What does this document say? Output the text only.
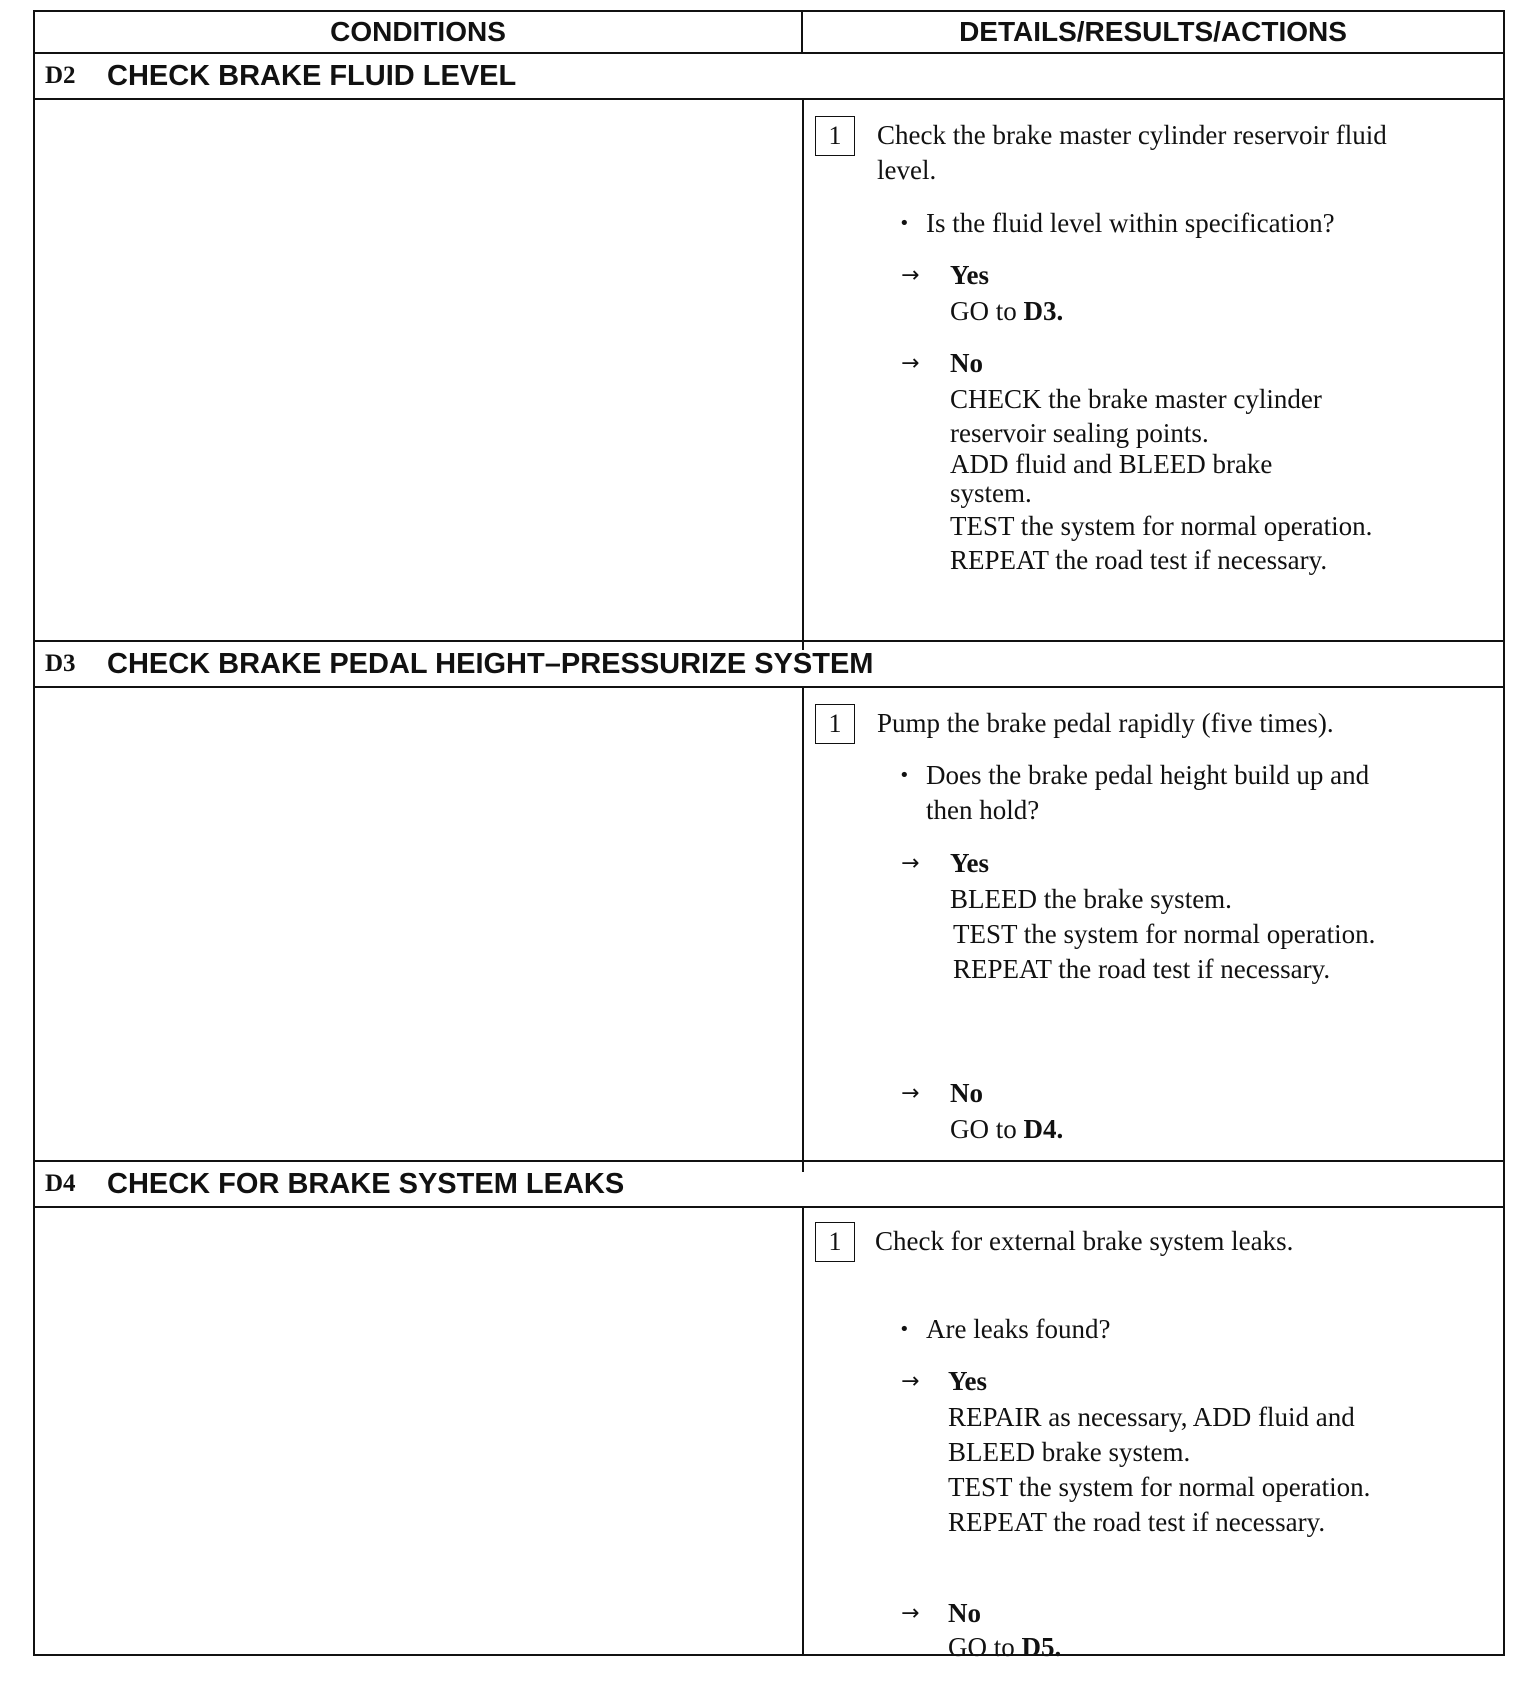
CONDITIONS	DETAILS/RESULTS/ACTIONS
D2	CHECK BRAKE FLUID LEVEL
1	Check the brake master cylinder reservoir fluid
level.
• Is the fluid level within specification?
→ Yes
GO to D3.
→ No
CHECK the brake master cylinder
reservoir sealing points.
ADD fluid and BLEED brake
system.
TEST the system for normal operation.
REPEAT the road test if necessary.
D3	CHECK BRAKE PEDAL HEIGHT–PRESSURIZE SYSTEM
1	Pump the brake pedal rapidly (five times).
• Does the brake pedal height build up and
then hold?
→ Yes
BLEED the brake system.
TEST the system for normal operation.
REPEAT the road test if necessary.
→ No
GO to D4.
D4	CHECK FOR BRAKE SYSTEM LEAKS
1	Check for external brake system leaks.
• Are leaks found?
→ Yes
REPAIR as necessary, ADD fluid and
BLEED brake system.
TEST the system for normal operation.
REPEAT the road test if necessary.
→ No
GO to D5.
